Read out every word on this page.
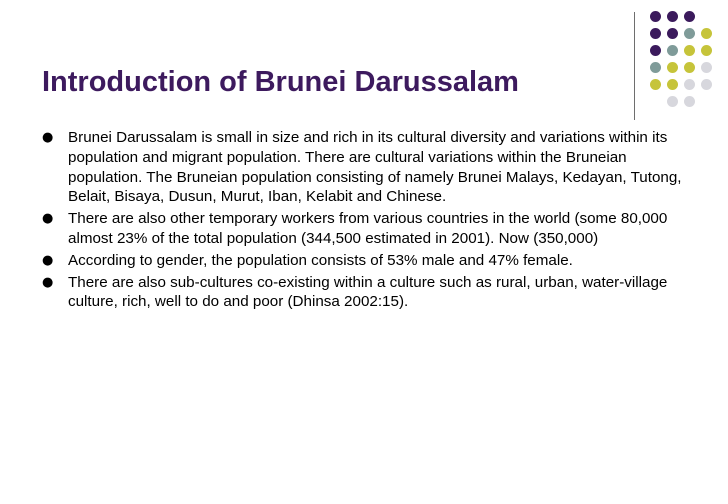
Introduction of Brunei Darussalam
● Brunei Darussalam is small in size and rich in its cultural diversity and variations within its population and migrant population. There are cultural variations within the Bruneian population. The Bruneian population consisting of namely Brunei Malays, Kedayan, Tutong, Belait, Bisaya, Dusun, Murut, Iban, Kelabit and Chinese.
● There are also other temporary workers from various countries in the world (some 80,000 almost 23% of the total population (344,500 estimated in 2001). Now (350,000)
● According to gender, the population consists of 53% male and 47% female.
● There are also sub-cultures co-existing within a culture such as rural, urban, water-village culture, rich, well to do and poor (Dhinsa 2002:15).
